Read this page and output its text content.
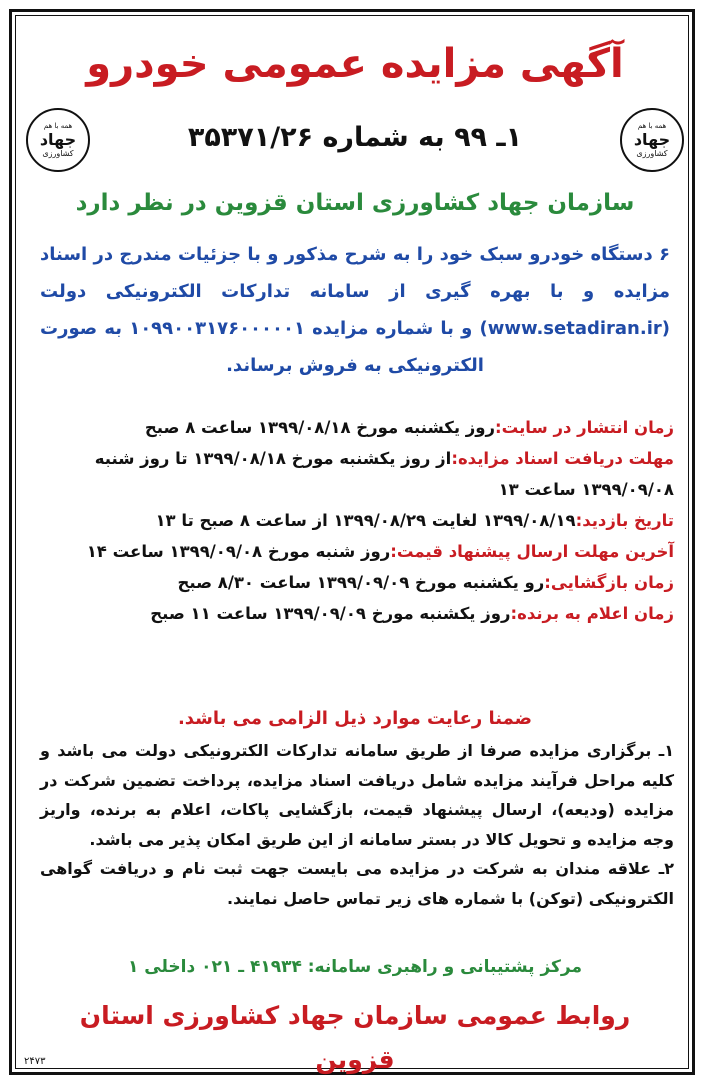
آگهی مزایده عمومی خودرو
همه با هم
جهاد
کشاورزی
همه با هم
جهاد
کشاورزی
۱ـ ۹۹ به شماره ۳۵۳۷۱/۲۶
سازمان جهاد کشاورزی استان قزوین در نظر دارد
۶ دستگاه خودرو سبک خود را به شرح مذکور و با جزئیات مندرج در اسناد مزایده و با بهره گیری از سامانه تدارکات الکترونیکی دولت (www.setadiran.ir) و با شماره مزایده ۱۰۹۹۰۰۳۱۷۶۰۰۰۰۰۱ به صورت الکترونیکی به فروش برساند.
زمان انتشار در سایت:روز یکشنبه مورخ ۱۳۹۹/۰۸/۱۸ ساعت ۸ صبح
مهلت دریافت اسناد مزایده:از روز یکشنبه مورخ ۱۳۹۹/۰۸/۱۸ تا روز شنبه ۱۳۹۹/۰۹/۰۸ ساعت ۱۳
تاریخ بازدید:۱۳۹۹/۰۸/۱۹ لغایت ۱۳۹۹/۰۸/۲۹ از ساعت ۸ صبح تا ۱۳
آخرین مهلت ارسال پیشنهاد قیمت:روز شنبه مورخ ۱۳۹۹/۰۹/۰۸ ساعت ۱۴
زمان بازگشایی:رو یکشنبه مورخ ۱۳۹۹/۰۹/۰۹ ساعت ۸/۳۰ صبح
زمان اعلام به برنده:روز یکشنبه مورخ ۱۳۹۹/۰۹/۰۹ ساعت ۱۱ صبح
ضمنا رعایت موارد ذیل الزامی می باشد.

۱ـ برگزاری مزایده صرفا از طریق سامانه تدارکات الکترونیکی دولت می باشد و کلیه مراحل فرآیند مزایده شامل دریافت اسناد مزایده، پرداخت تضمین شرکت در مزایده (ودیعه)، ارسال پیشنهاد قیمت، بازگشایی پاکات، اعلام به برنده، واریز وجه مزایده و تحویل کالا در بستر سامانه از این طریق امکان پذیر می باشد.

۲ـ علاقه مندان به شرکت در مزایده می بایست جهت ثبت نام و دریافت گواهی الکترونیکی (توکن) با شماره های زیر تماس حاصل نمایند.

مرکز پشتیبانی و راهبری سامانه: ۴۱۹۳۴ ـ ۰۲۱ داخلی ۱
روابط عمومی سازمان جهاد کشاورزی استان قزوین
۲۴۷۳
